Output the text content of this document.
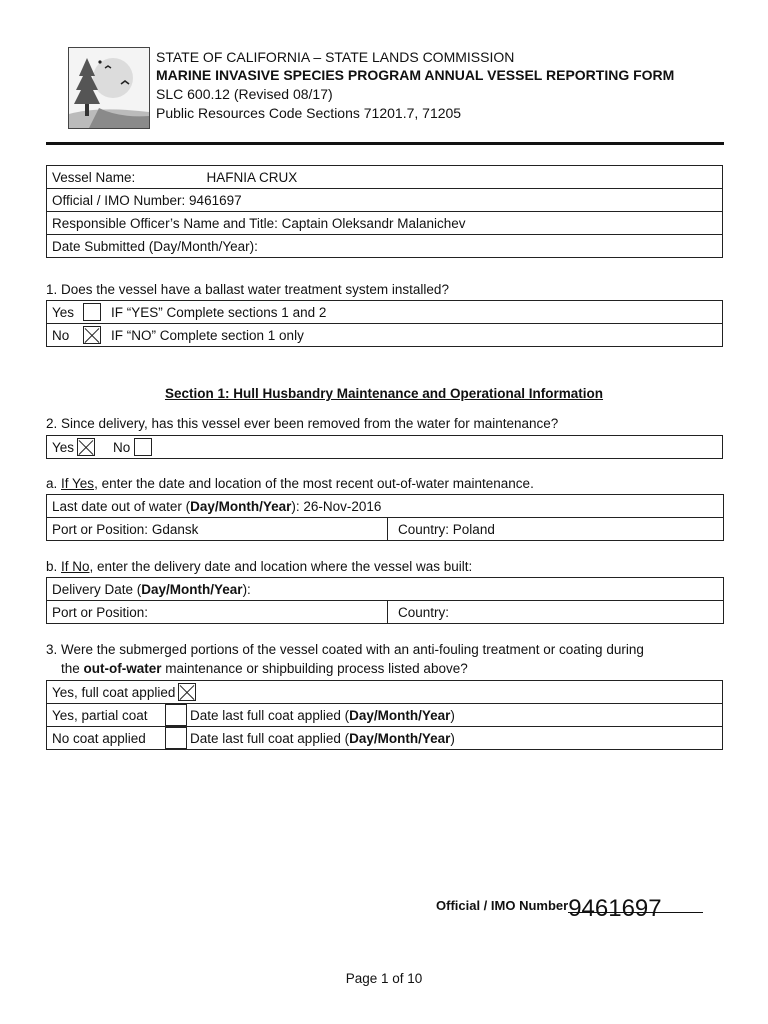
STATE OF CALIFORNIA – STATE LANDS COMMISSION
MARINE INVASIVE SPECIES PROGRAM ANNUAL VESSEL REPORTING FORM
SLC 600.12 (Revised 08/17)
Public Resources Code Sections 71201.7, 71205
Vessel Name:	HAFNIA CRUX

Official / IMO Number: 9461697
Responsible Officer’s Name and Title: Captain Oleksandr Malanichev
Date Submitted (Day/Month/Year):
1. Does the vessel have a ballast water treatment system installed?
Yes	IF “YES” Complete sections 1 and 2

No	IF “NO” Complete section 1 only
Section 1: Hull Husbandry Maintenance and Operational Information
2. Since delivery, has this vessel ever been removed from the water for maintenance?
Yes	No
a. If Yes, enter the date and location of the most recent out-of-water maintenance.
Last date out of water (Day/Month/Year): 26-Nov-2016
Port or Position: Gdansk	Country: Poland
b. If No, enter the delivery date and location where the vessel was built:
Delivery Date (Day/Month/Year):
Port or Position:	Country:
3. Were the submerged portions of the vessel coated with an anti-fouling treatment or coating during
the out-of-water maintenance or shipbuilding process listed above?
Yes, full coat applied

Yes, partial coat	Date last full coat applied (Day/Month/Year)

No coat applied	Date last full coat applied (Day/Month/Year)
Official / IMO Number9461697
Page 1 of 10
